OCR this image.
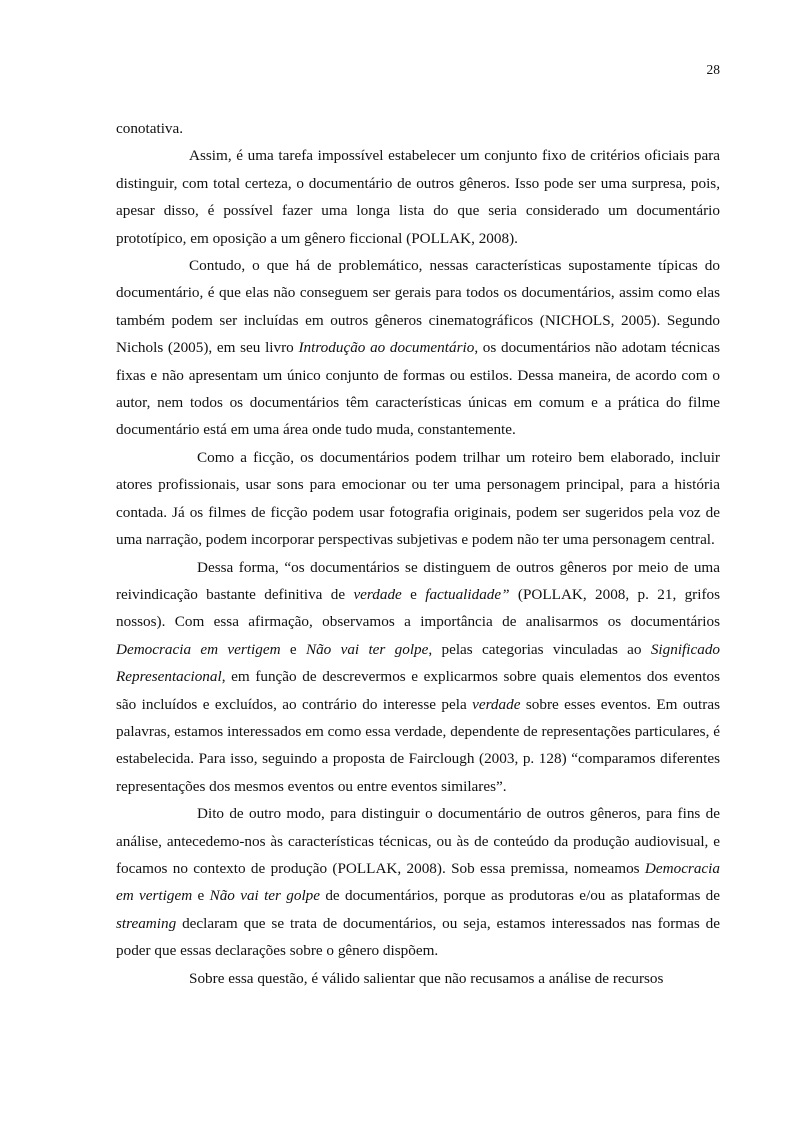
28

conotativa.

Assim, é uma tarefa impossível estabelecer um conjunto fixo de critérios oficiais para distinguir, com total certeza, o documentário de outros gêneros. Isso pode ser uma surpresa, pois, apesar disso, é possível fazer uma longa lista do que seria considerado um documentário prototípico, em oposição a um gênero ficcional (POLLAK, 2008).

Contudo, o que há de problemático, nessas características supostamente típicas do documentário, é que elas não conseguem ser gerais para todos os documentários, assim como elas também podem ser incluídas em outros gêneros cinematográficos (NICHOLS, 2005). Segundo Nichols (2005), em seu livro Introdução ao documentário, os documentários não adotam técnicas fixas e não apresentam um único conjunto de formas ou estilos. Dessa maneira, de acordo com o autor, nem todos os documentários têm características únicas em comum e a prática do filme documentário está em uma área onde tudo muda, constantemente.

Como a ficção, os documentários podem trilhar um roteiro bem elaborado, incluir atores profissionais, usar sons para emocionar ou ter uma personagem principal, para a história contada. Já os filmes de ficção podem usar fotografia originais, podem ser sugeridos pela voz de uma narração, podem incorporar perspectivas subjetivas e podem não ter uma personagem central.

Dessa forma, “os documentários se distinguem de outros gêneros por meio de uma reivindicação bastante definitiva de verdade e factualidade” (POLLAK, 2008, p. 21, grifos nossos). Com essa afirmação, observamos a importância de analisarmos os documentários Democracia em vertigem e Não vai ter golpe, pelas categorias vinculadas ao Significado Representacional, em função de descrevermos e explicarmos sobre quais elementos dos eventos são incluídos e excluídos, ao contrário do interesse pela verdade sobre esses eventos. Em outras palavras, estamos interessados em como essa verdade, dependente de representações particulares, é estabelecida. Para isso, seguindo a proposta de Fairclough (2003, p. 128) “comparamos diferentes representações dos mesmos eventos ou entre eventos similares”.

Dito de outro modo, para distinguir o documentário de outros gêneros, para fins de análise, antecedemo-nos às características técnicas, ou às de conteúdo da produção audiovisual, e focamos no contexto de produção (POLLAK, 2008). Sob essa premissa, nomeamos Democracia em vertigem e Não vai ter golpe de documentários, porque as produtoras e/ou as plataformas de streaming declaram que se trata de documentários, ou seja, estamos interessados nas formas de poder que essas declarações sobre o gênero dispõem.

Sobre essa questão, é válido salientar que não recusamos a análise de recursos
